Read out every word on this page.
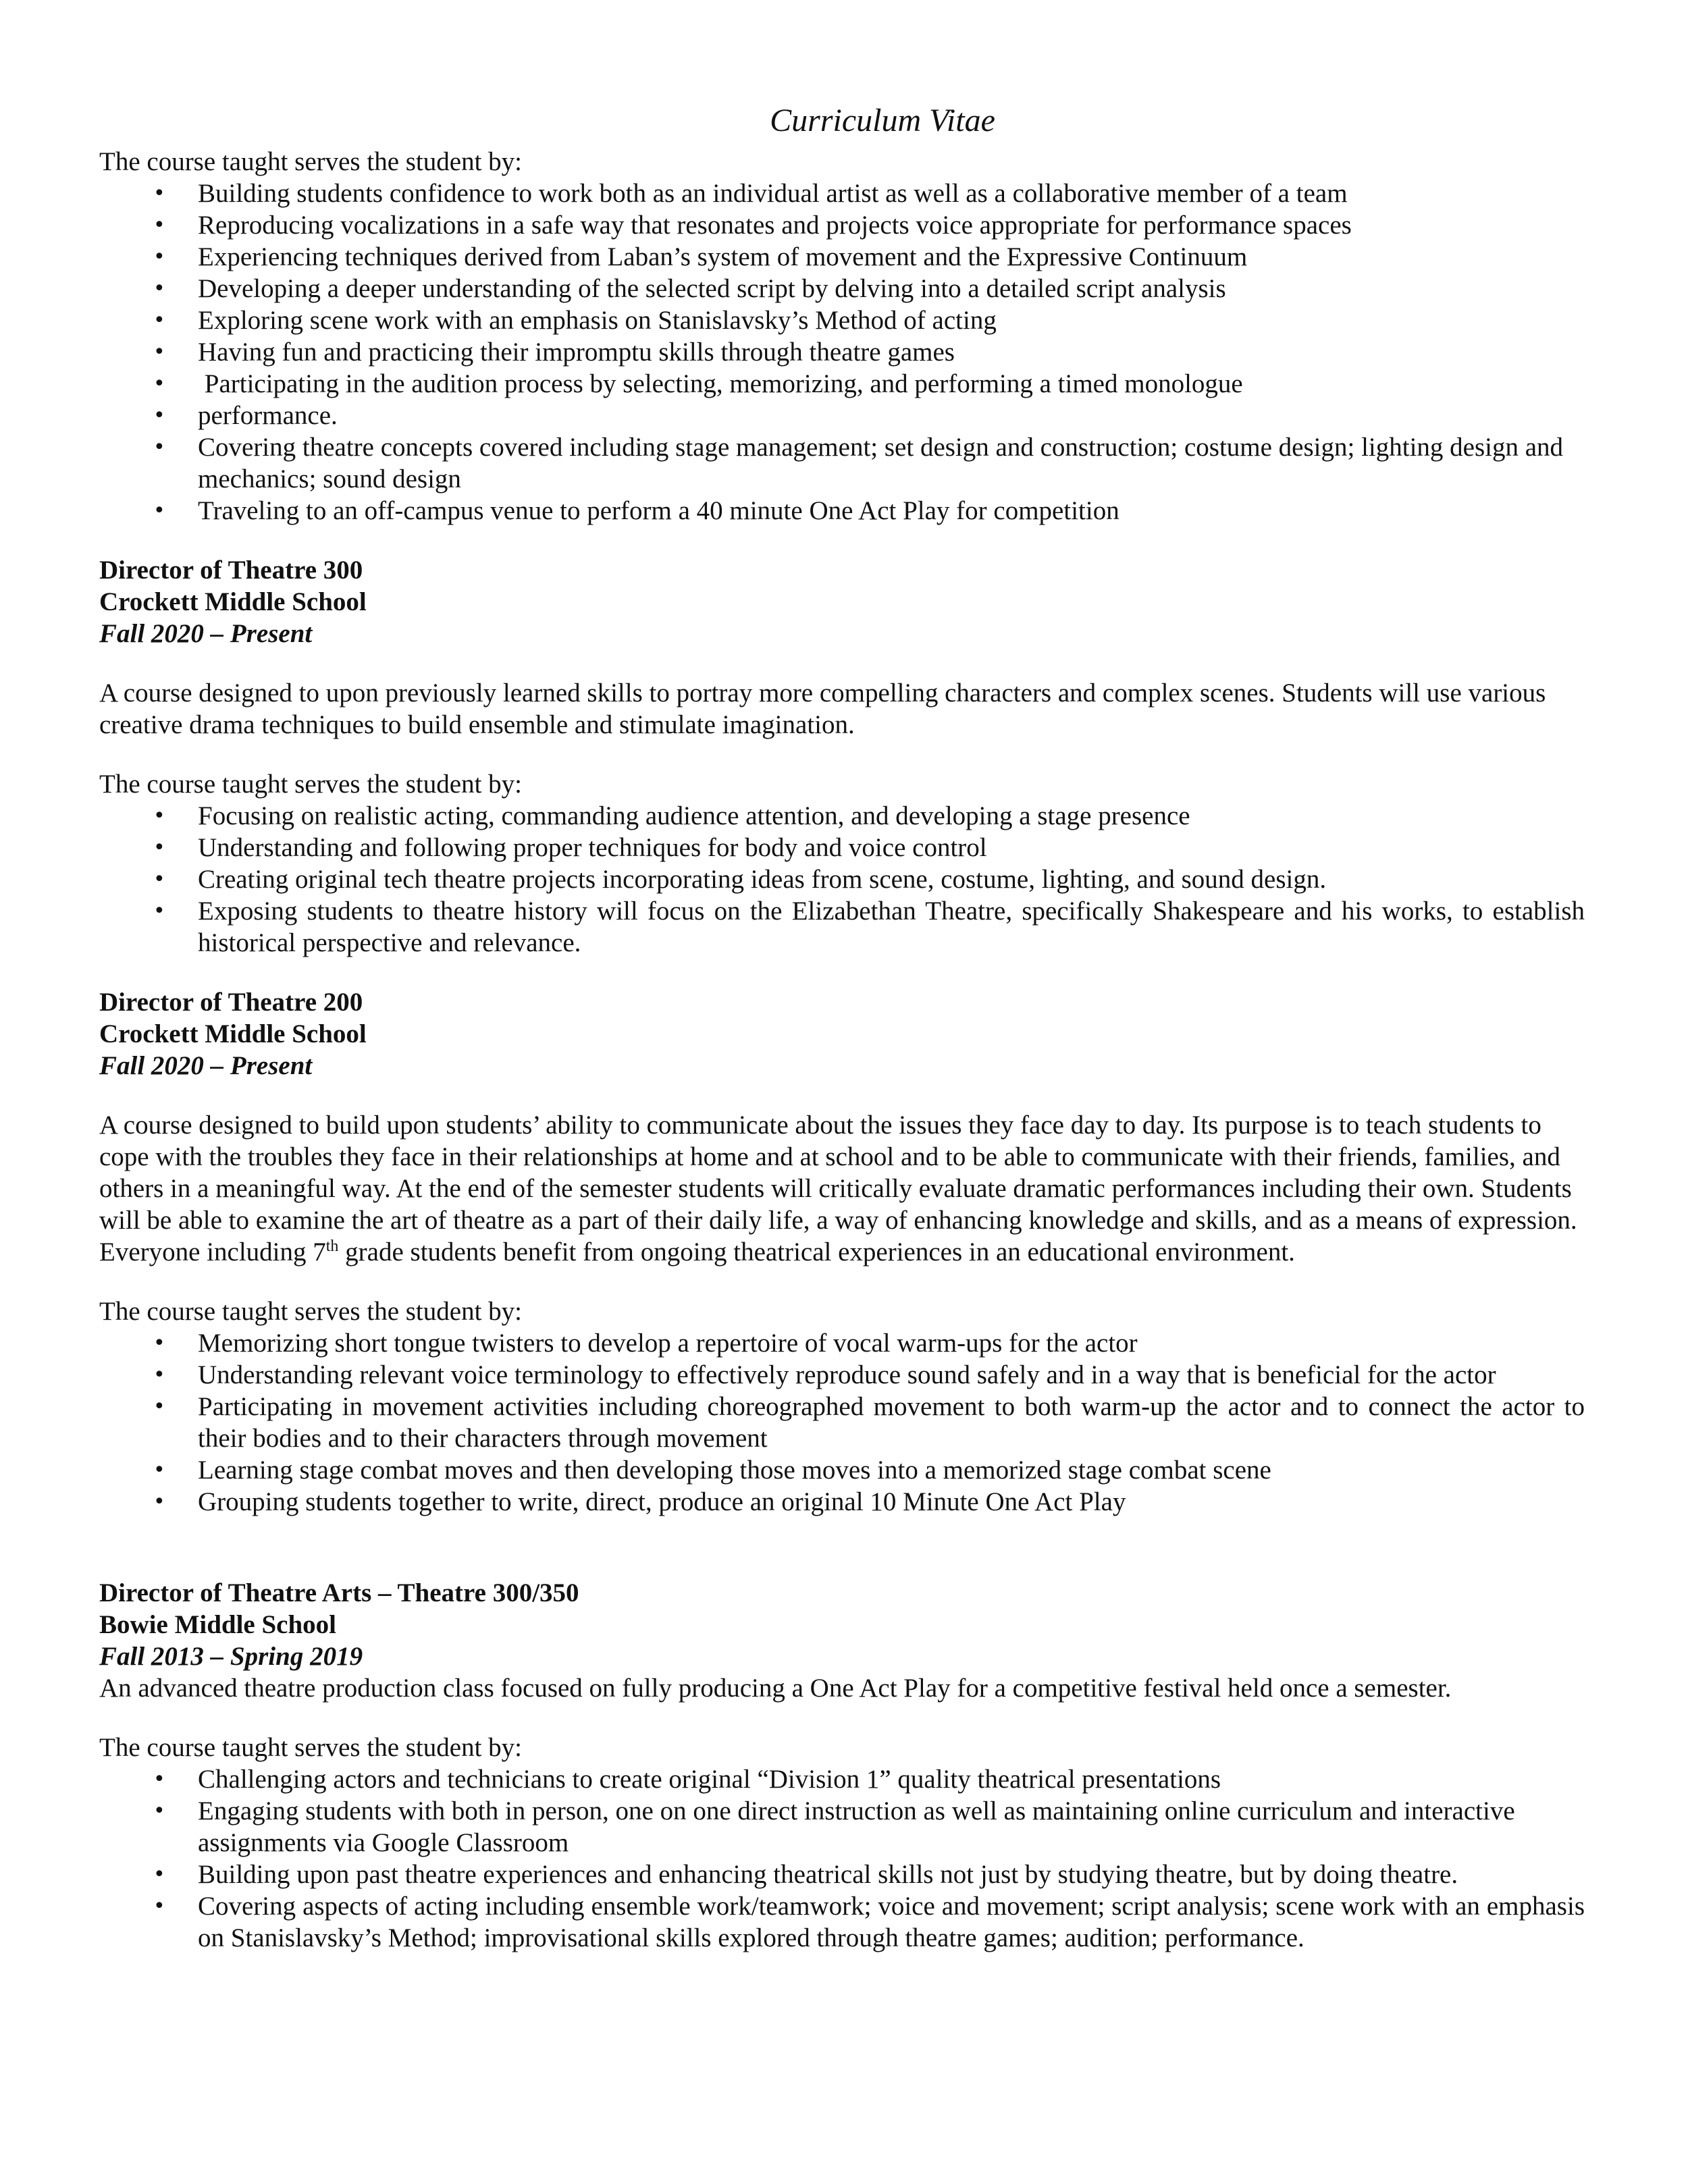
Curriculum Vitae

The course taught serves the student by:

• Building students confidence to work both as an individual artist as well as a collaborative member of a team
• Reproducing vocalizations in a safe way that resonates and projects voice appropriate for performance spaces
• Experiencing techniques derived from Laban’s system of movement and the Expressive Continuum
• Developing a deeper understanding of the selected script by delving into a detailed script analysis
• Exploring scene work with an emphasis on Stanislavsky’s Method of acting
• Having fun and practicing their impromptu skills through theatre games
• Participating in the audition process by selecting, memorizing, and performing a timed monologue
• performance.
• Covering theatre concepts covered including stage management; set design and construction; costume design; lighting design and mechanics; sound design
• Traveling to an off-campus venue to perform a 40 minute One Act Play for competition
Director of Theatre 300
Crockett Middle School
Fall 2020 – Present

A course designed to upon previously learned skills to portray more compelling characters and complex scenes. Students will use various creative drama techniques to build ensemble and stimulate imagination.

The course taught serves the student by:

• Focusing on realistic acting, commanding audience attention, and developing a stage presence
• Understanding and following proper techniques for body and voice control
• Creating original tech theatre projects incorporating ideas from scene, costume, lighting, and sound design.
• Exposing students to theatre history will focus on the Elizabethan Theatre, specifically Shakespeare and his works, to establish historical perspective and relevance.
Director of Theatre 200
Crockett Middle School
Fall 2020 – Present

A course designed to build upon students’ ability to communicate about the issues they face day to day. Its purpose is to teach students to cope with the troubles they face in their relationships at home and at school and to be able to communicate with their friends, families, and others in a meaningful way. At the end of the semester students will critically evaluate dramatic performances including their own. Students will be able to examine the art of theatre as a part of their daily life, a way of enhancing knowledge and skills, and as a means of expression. Everyone including 7th grade students benefit from ongoing theatrical experiences in an educational environment.

The course taught serves the student by:

• Memorizing short tongue twisters to develop a repertoire of vocal warm-ups for the actor
• Understanding relevant voice terminology to effectively reproduce sound safely and in a way that is beneficial for the actor
• Participating in movement activities including choreographed movement to both warm-up the actor and to connect the actor to their bodies and to their characters through movement
• Learning stage combat moves and then developing those moves into a memorized stage combat scene
• Grouping students together to write, direct, produce an original 10 Minute One Act Play
Director of Theatre Arts – Theatre 300/350
Bowie Middle School
Fall 2013 – Spring 2019

An advanced theatre production class focused on fully producing a One Act Play for a competitive festival held once a semester.

The course taught serves the student by:

• Challenging actors and technicians to create original “Division 1” quality theatrical presentations
• Engaging students with both in person, one on one direct instruction as well as maintaining online curriculum and interactive assignments via Google Classroom
• Building upon past theatre experiences and enhancing theatrical skills not just by studying theatre, but by doing theatre.
• Covering aspects of acting including ensemble work/teamwork; voice and movement; script analysis; scene work with an emphasis on Stanislavsky’s Method; improvisational skills explored through theatre games; audition; performance.
